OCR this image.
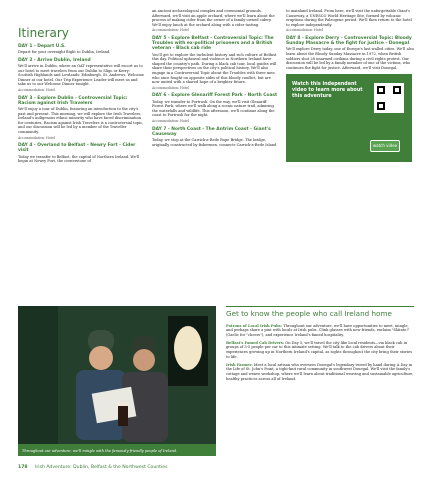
Itinerary
DAY 1 - Depart U.S.
Depart for your overnight flight to Dublin, Ireland.
DAY 2 - Arrive Dublin, Ireland
We'll arrive in Dublin, where an OAT representative will escort us to our hotel to meet travelers from our Dublin to Sligo or Kerry: Scottish Highlands and Lowlands: Edinburgh, St. Andrews, Welcome Dinner at our hotel. Our Trip Experience Leader will meet us and take us to our Welcome Dinner tonight.
Accommodation: Hotel
DAY 3 - Explore Dublin - Controversial Topic: Racism against Irish Travelers
We'll enjoy a tour of Dublin, featuring an introduction to the city's past and present. This morning, we will explore the Irish Travelers, Ireland's indigenous ethnic minority who have faced discrimination for centuries. Racism against Irish Travelers is a controversial topic, and our discussion will be led by a member of the Traveller community.
Accommodation: Hotel
DAY 4 - Overland to Belfast - Newry Fort - Cider visit
Today we transfer to Belfast, the capital of Northern Ireland. We'll begin at Newry Fort, the cornerstone of
an ancient archaeological complex and ceremonial grounds. Afterward, we'll visit an apple orchard, where we'll learn about the process of making cider from the owner of a family-owned cidery. We'll enjoy lunch at the orchard along with a cider tasting.
Accommodation: Hotel
DAY 5 - Explore Belfast - Controversial Topic: The Troubles with ex-political prisoners and a British veteran - Black cab ride
You'll get to explore the turbulent history and rich culture of Belfast this day. Political upheaval and violence in Northern Ireland have shaped the country's path. During a black cab tour, local guides will share their perspectives on the city's political history. We'll also engage in a Controversial Topic about the Troubles with three men who once fought on opposite sides of this bloody conflict, but are now united with a shared hope of a brighter future.
Accommodation: Hotel
DAY 6 - Explore Glenariff Forest Park - North Coast
Today, we transfer to Portrush. On the way, we'll visit Glenariff Forest Park, where we'll walk along a scenic nature trail, admiring the waterfalls and wildlife. This afternoon, we'll continue along the coast to Portrush for the night.
Accommodation: Hotel
DAY 7 - North Coast - The Antrim Coast - Giant's Causeway
Today, we stop at the Carrick-a-Rede Rope Bridge. The bridge, originally constructed by fishermen, connects Carrick-a-Rede Island
to mainland Ireland. From here, we'll visit the unforgettable Giant's Causeway, a UNESCO World Heritage Site, formed by volcanic eruptions during the Paleogene period. We'll then return to the hotel to explore independently.
Accommodation: Hotel
DAY 8 - Explore Derry - Controversial Topic: Bloody Sunday Massacre & the fight for justice - Donegal
We'll explore Derry today, one of Europe's last walled cities. We'll also learn about the Bloody Sunday Massacre in 1972, when British soldiers shot 28 unarmed civilians during a civil rights protest. Our discussion will be led by a family member of one of the victims, who continues the fight for justice. Afterward, we'll visit Donegal.
Watch this independent video to learn more about this adventure
watch video
Throughout our adventure, we'll mingle with the famously-friendly people of Ireland.
Get to know the people who call Ireland home

Patrons of Local Irish Pubs: Throughout our adventure, we'll have opportunities to meet, mingle, and perhaps share a pint with locals at Irish pubs. Clink glasses with new friends, exclaim "Sláinte!" (Gaelic for "cheers"), and experience Ireland's famed hospitality.

Belfast's Famed Cab Drivers: On Day 5, we'll travel the city like local residents—via black cab in groups of 3-5 people per car to this intimate setting. We'll talk to the cab drivers about their experiences growing up in Northern Ireland's capital, as sights throughout the city bring their stories to life.

Irish Farmer: Meet a local artisan who oversees Donegal's legendary tweed by hand during A Day in the Life of St. John's Point, a tight-knit rural community in southwest Donegal. We'll visit the family's cottage and weave workshop, where we'll learn about traditional weaving and sustainable agriculture, healthy practices across all of Ireland.

178 Irish Adventure: Dublin, Belfast & the Northwest Counties
